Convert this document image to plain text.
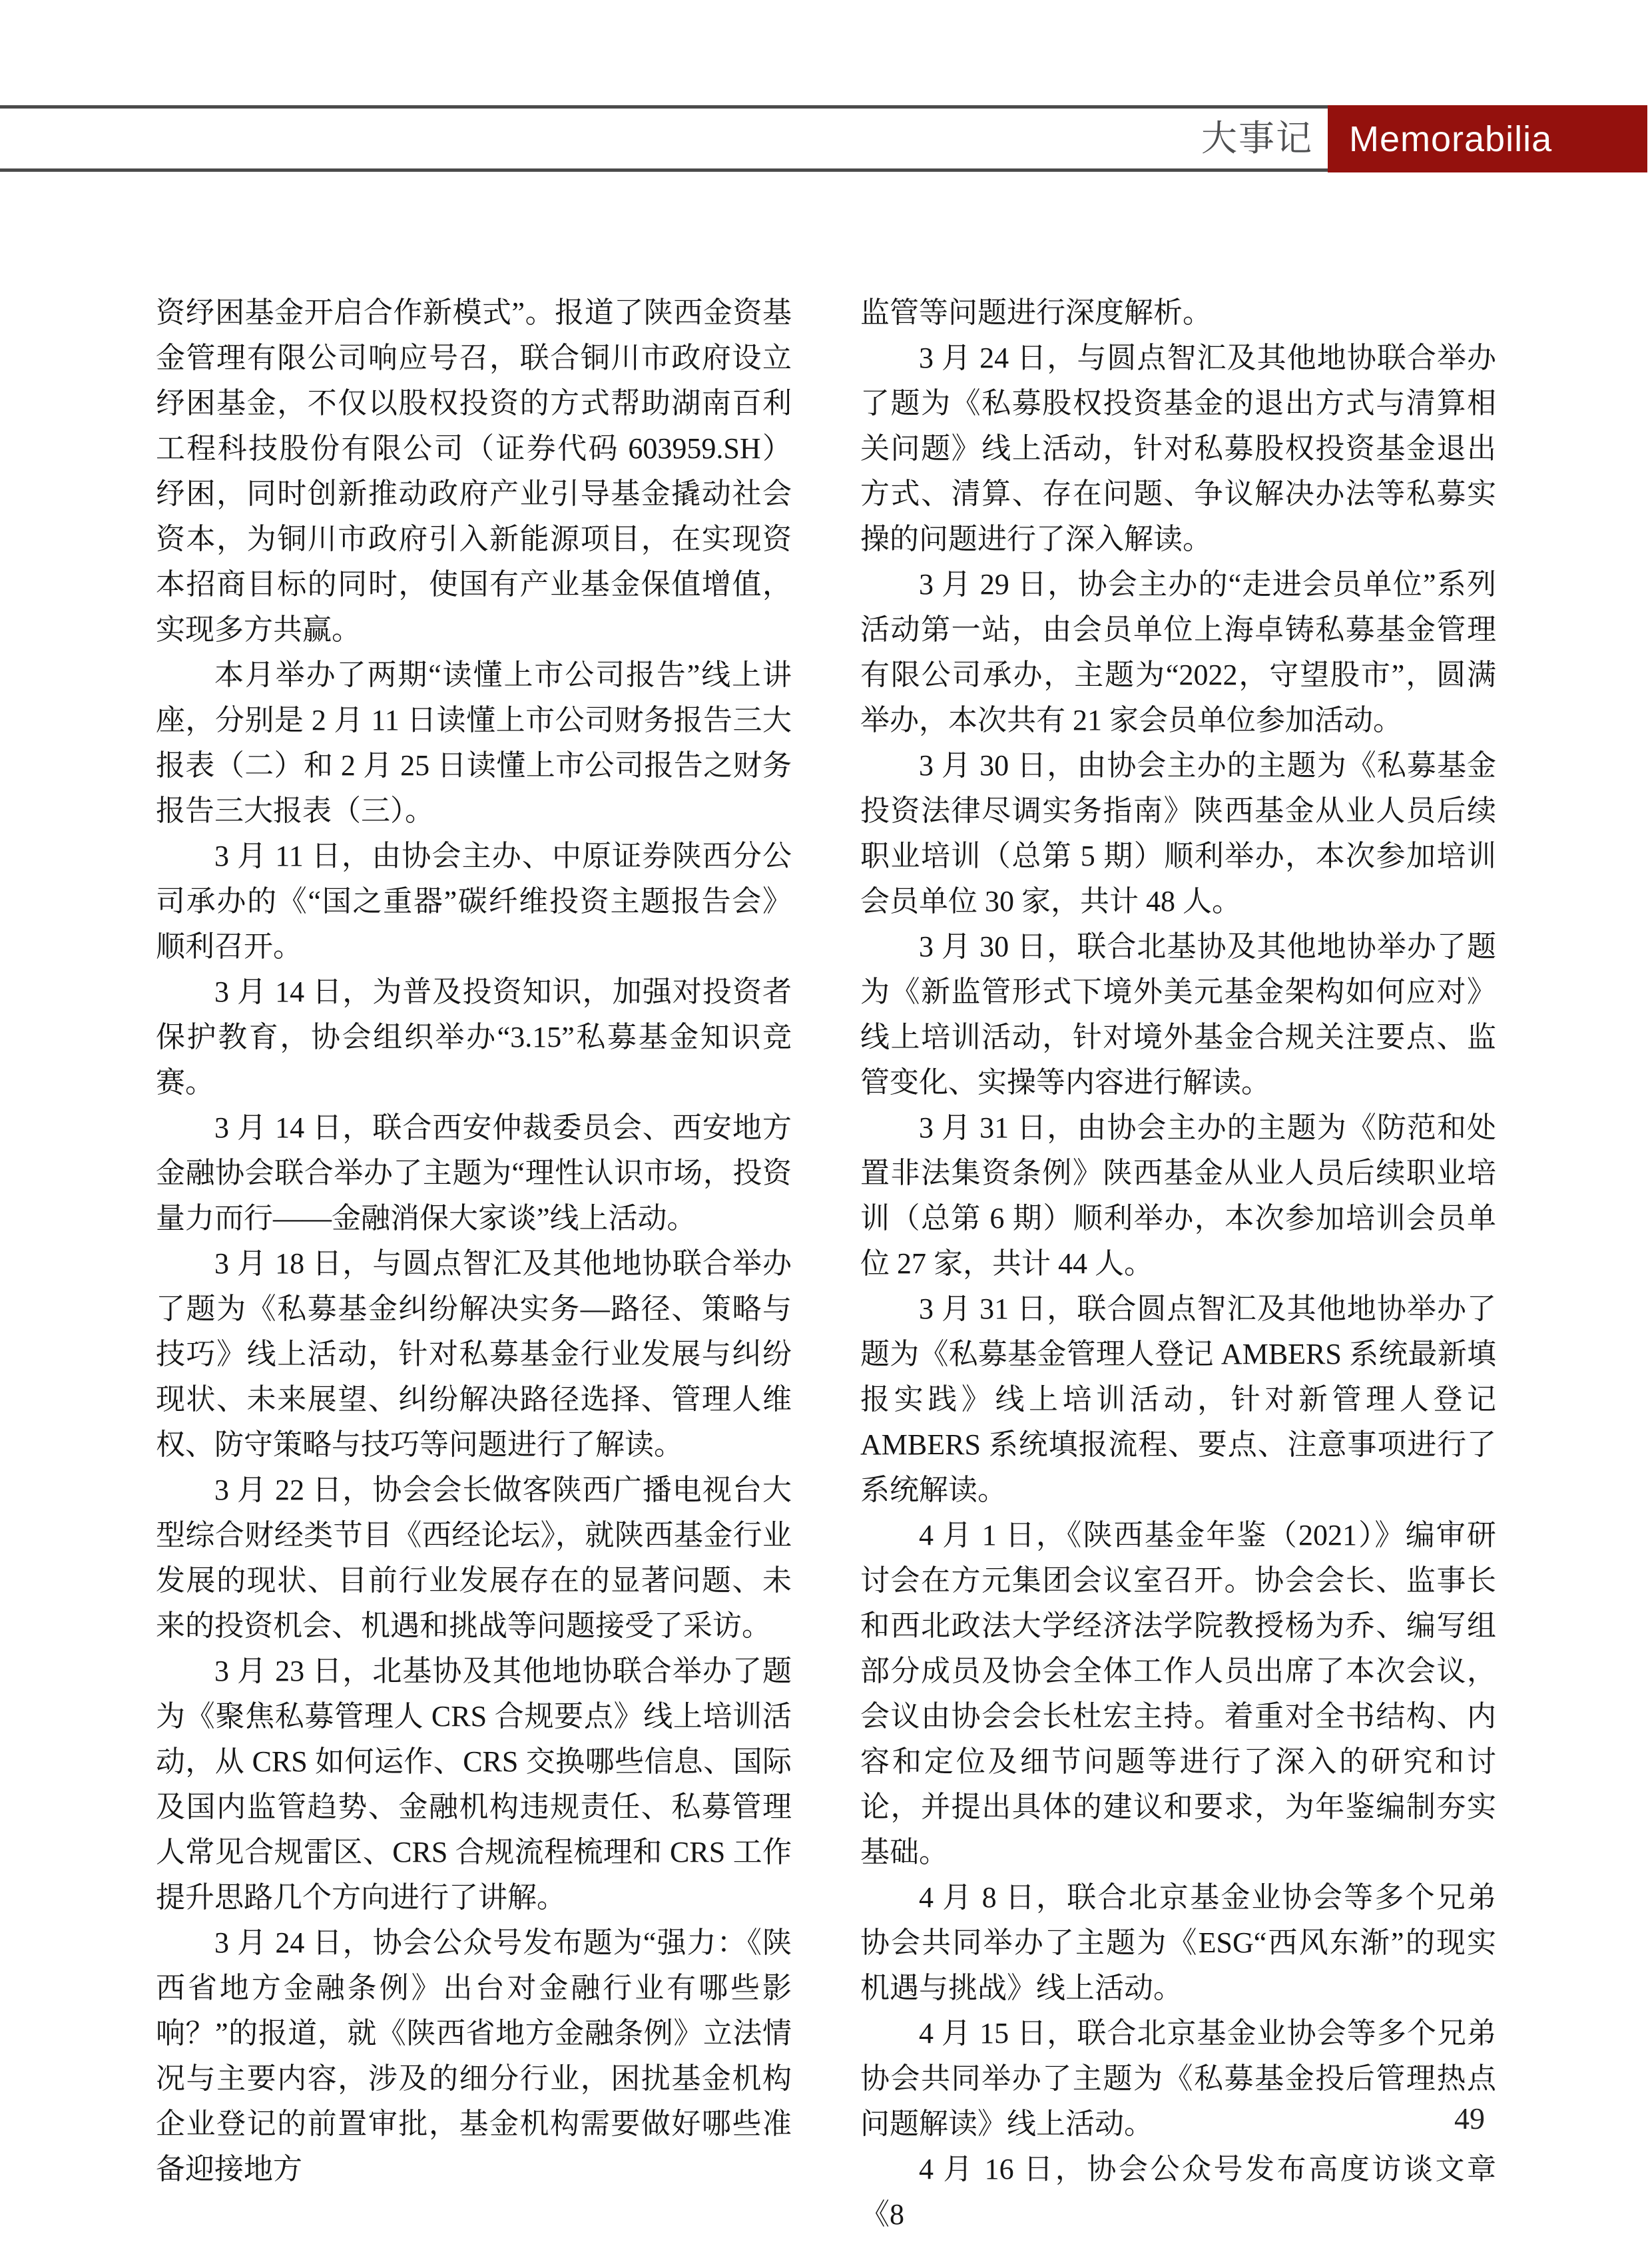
大事记 Memorabilia

资纾困基金开启合作新模式”。报道了陕西金资基金管理有限公司响应号召，联合铜川市政府设立纾困基金，不仅以股权投资的方式帮助湖南百利工程科技股份有限公司（证券代码 603959.SH）纾困，同时创新推动政府产业引导基金撬动社会资本，为铜川市政府引入新能源项目，在实现资本招商目标的同时，使国有产业基金保值增值，实现多方共赢。

本月举办了两期“读懂上市公司报告”线上讲座，分别是 2 月 11 日读懂上市公司财务报告三大报表（二）和 2 月 25 日读懂上市公司报告之财务报告三大报表（三）。

3 月 11 日，由协会主办、中原证券陕西分公司承办的《“国之重器”碳纤维投资主题报告会》顺利召开。

3 月 14 日，为普及投资知识，加强对投资者保护教育，协会组织举办“3.15”私募基金知识竞赛。

3 月 14 日，联合西安仲裁委员会、西安地方金融协会联合举办了主题为“理性认识市场，投资量力而行——金融消保大家谈”线上活动。

3 月 18 日，与圆点智汇及其他地协联合举办了题为《私募基金纠纷解决实务—路径、策略与技巧》线上活动，针对私募基金行业发展与纠纷现状、未来展望、纠纷解决路径选择、管理人维权、防守策略与技巧等问题进行了解读。

3 月 22 日，协会会长做客陕西广播电视台大型综合财经类节目《西经论坛》，就陕西基金行业发展的现状、目前行业发展存在的显著问题、未来的投资机会、机遇和挑战等问题接受了采访。

3 月 23 日，北基协及其他地协联合举办了题为《聚焦私募管理人 CRS 合规要点》线上培训活动，从 CRS 如何运作、CRS 交换哪些信息、国际及国内监管趋势、金融机构违规责任、私募管理人常见合规雷区、CRS 合规流程梳理和 CRS 工作提升思路几个方向进行了讲解。

3 月 24 日，协会公众号发布题为“强力：《陕西省地方金融条例》出台对金融行业有哪些影响？”的报道，就《陕西省地方金融条例》立法情况与主要内容，涉及的细分行业，困扰基金机构企业登记的前置审批，基金机构需要做好哪些准备迎接地方

监管等问题进行深度解析。

3 月 24 日，与圆点智汇及其他地协联合举办了题为《私募股权投资基金的退出方式与清算相关问题》线上活动，针对私募股权投资基金退出方式、清算、存在问题、争议解决办法等私募实操的问题进行了深入解读。

3 月 29 日，协会主办的“走进会员单位”系列活动第一站，由会员单位上海卓铸私募基金管理有限公司承办，主题为“2022，守望股市”，圆满举办，本次共有 21 家会员单位参加活动。

3 月 30 日，由协会主办的主题为《私募基金投资法律尽调实务指南》陕西基金从业人员后续职业培训（总第 5 期）顺利举办，本次参加培训会员单位 30 家，共计 48 人。

3 月 30 日，联合北基协及其他地协举办了题为《新监管形式下境外美元基金架构如何应对》线上培训活动，针对境外基金合规关注要点、监管变化、实操等内容进行解读。

3 月 31 日，由协会主办的主题为《防范和处置非法集资条例》陕西基金从业人员后续职业培训（总第 6 期）顺利举办，本次参加培训会员单位 27 家，共计 44 人。

3 月 31 日，联合圆点智汇及其他地协举办了题为《私募基金管理人登记 AMBERS 系统最新填报实践》线上培训活动，针对新管理人登记 AMBERS 系统填报流程、要点、注意事项进行了系统解读。

4 月 1 日，《陕西基金年鉴（2021）》编审研讨会在方元集团会议室召开。协会会长、监事长和西北政法大学经济法学院教授杨为乔、编写组部分成员及协会全体工作人员出席了本次会议，会议由协会会长杜宏主持。着重对全书结构、内容和定位及细节问题等进行了深入的研究和讨论，并提出具体的建议和要求，为年鉴编制夯实基础。

4 月 8 日，联合北京基金业协会等多个兄弟协会共同举办了主题为《ESG“西风东渐”的现实机遇与挑战》线上活动。

4 月 15 日，联合北京基金业协会等多个兄弟协会共同举办了主题为《私募基金投后管理热点问题解读》线上活动。

4 月 16 日，协会公众号发布高度访谈文章《8

49
